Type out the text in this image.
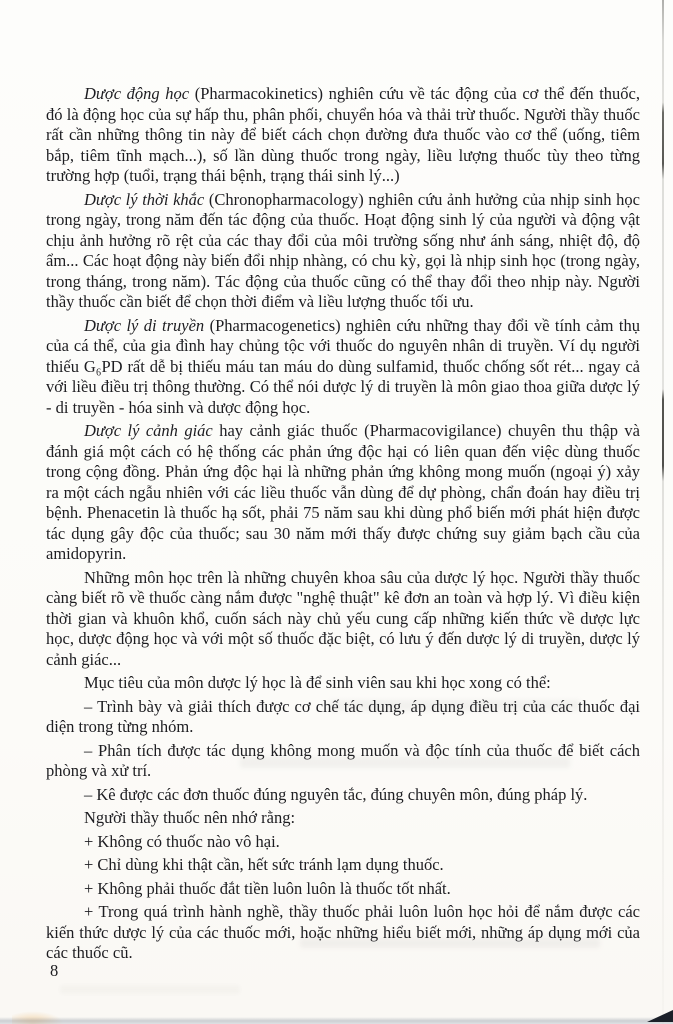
Dược động học (Pharmacokinetics) nghiên cứu về tác động của cơ thể đến thuốc, đó là động học của sự hấp thu, phân phối, chuyển hóa và thải trừ thuốc. Người thầy thuốc rất cần những thông tin này để biết cách chọn đường đưa thuốc vào cơ thể (uống, tiêm bắp, tiêm tĩnh mạch...), số lần dùng thuốc trong ngày, liều lượng thuốc tùy theo từng trường hợp (tuổi, trạng thái bệnh, trạng thái sinh lý...)

Dược lý thời khắc (Chronopharmacology) nghiên cứu ảnh hưởng của nhịp sinh học trong ngày, trong năm đến tác động của thuốc. Hoạt động sinh lý của người và động vật chịu ảnh hưởng rõ rệt của các thay đổi của môi trường sống như ánh sáng, nhiệt độ, độ ẩm... Các hoạt động này biến đổi nhịp nhàng, có chu kỳ, gọi là nhịp sinh học (trong ngày, trong tháng, trong năm). Tác động của thuốc cũng có thể thay đổi theo nhịp này. Người thầy thuốc cần biết để chọn thời điểm và liều lượng thuốc tối ưu.

Dược lý di truyền (Pharmacogenetics) nghiên cứu những thay đổi về tính cảm thụ của cá thể, của gia đình hay chủng tộc với thuốc do nguyên nhân di truyền. Ví dụ người thiếu G₆PD rất dễ bị thiếu máu tan máu do dùng sulfamid, thuốc chống sốt rét... ngay cả với liều điều trị thông thường. Có thể nói dược lý di truyền là môn giao thoa giữa dược lý - di truyền - hóa sinh và dược động học.

Dược lý cảnh giác hay cảnh giác thuốc (Pharmacovigilance) chuyên thu thập và đánh giá một cách có hệ thống các phản ứng độc hại có liên quan đến việc dùng thuốc trong cộng đồng. Phản ứng độc hại là những phản ứng không mong muốn (ngoại ý) xảy ra một cách ngẫu nhiên với các liều thuốc vẫn dùng để dự phòng, chẩn đoán hay điều trị bệnh. Phenacetin là thuốc hạ sốt, phải 75 năm sau khi dùng phổ biến mới phát hiện được tác dụng gây độc của thuốc; sau 30 năm mới thấy được chứng suy giảm bạch cầu của amidopyrin.

Những môn học trên là những chuyên khoa sâu của dược lý học. Người thầy thuốc càng biết rõ về thuốc càng nắm được "nghệ thuật" kê đơn an toàn và hợp lý. Vì điều kiện thời gian và khuôn khổ, cuốn sách này chủ yếu cung cấp những kiến thức về dược lực học, dược động học và với một số thuốc đặc biệt, có lưu ý đến dược lý di truyền, dược lý cảnh giác...

Mục tiêu của môn dược lý học là để sinh viên sau khi học xong có thể:

– Trình bày và giải thích được cơ chế tác dụng, áp dụng điều trị của các thuốc đại diện trong từng nhóm.

– Phân tích được tác dụng không mong muốn và độc tính của thuốc để biết cách phòng và xử trí.

– Kê được các đơn thuốc đúng nguyên tắc, đúng chuyên môn, đúng pháp lý.

Người thầy thuốc nên nhớ rằng:

+ Không có thuốc nào vô hại.

+ Chỉ dùng khi thật cần, hết sức tránh lạm dụng thuốc.

+ Không phải thuốc đắt tiền luôn luôn là thuốc tốt nhất.

+ Trong quá trình hành nghề, thầy thuốc phải luôn luôn học hỏi để nắm được các kiến thức dược lý của các thuốc mới, hoặc những hiểu biết mới, những áp dụng mới của các thuốc cũ.

8
